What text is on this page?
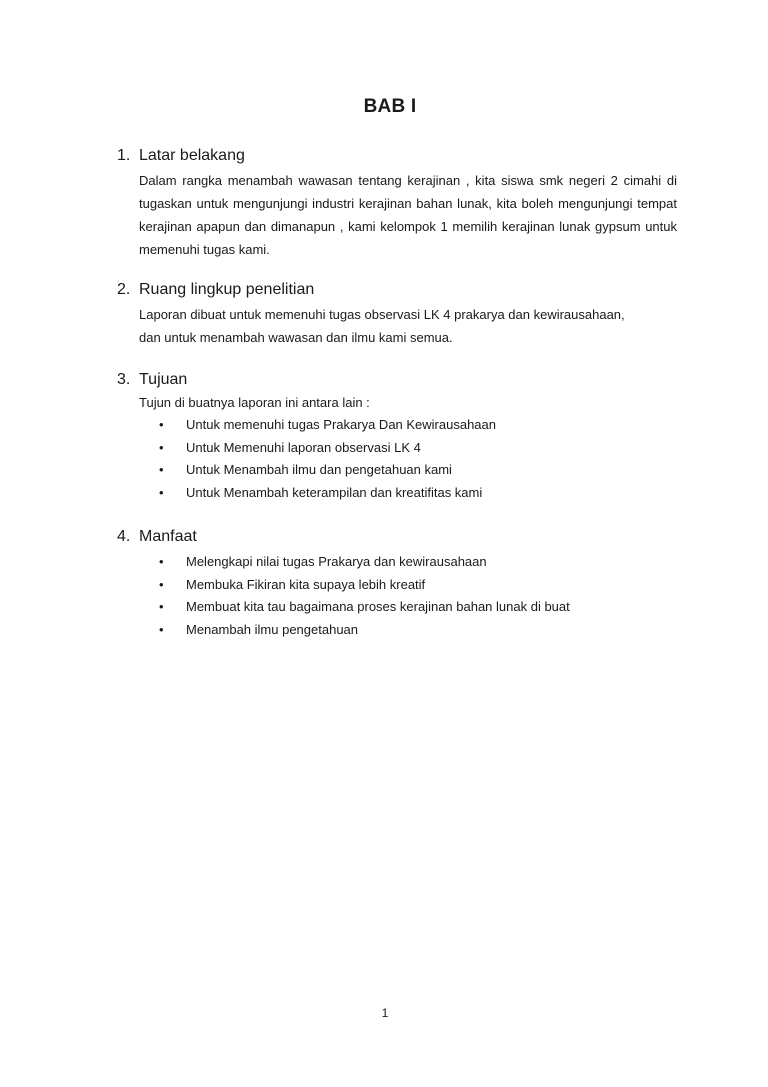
BAB I
1. Latar belakang
Dalam rangka menambah wawasan tentang kerajinan , kita siswa smk negeri 2 cimahi di tugaskan untuk mengunjungi industri kerajinan bahan lunak, kita boleh mengunjungi tempat kerajinan apapun dan dimanapun , kami kelompok 1 memilih kerajinan lunak gypsum untuk memenuhi tugas kami.
2. Ruang lingkup penelitian
Laporan dibuat untuk memenuhi tugas observasi LK 4 prakarya dan kewirausahaan,
dan untuk menambah wawasan dan ilmu kami semua.
3. Tujuan
Tujun di buatnya laporan ini antara lain :
•	Untuk memenuhi tugas Prakarya Dan Kewirausahaan
•	Untuk Memenuhi laporan observasi LK 4
•	Untuk Menambah ilmu dan pengetahuan kami
•	Untuk Menambah keterampilan dan kreatifitas kami
4. Manfaat
•	Melengkapi nilai tugas Prakarya dan kewirausahaan
•	Membuka Fikiran kita supaya lebih kreatif
•	Membuat kita tau bagaimana proses kerajinan bahan lunak di buat
•	Menambah ilmu pengetahuan
1
